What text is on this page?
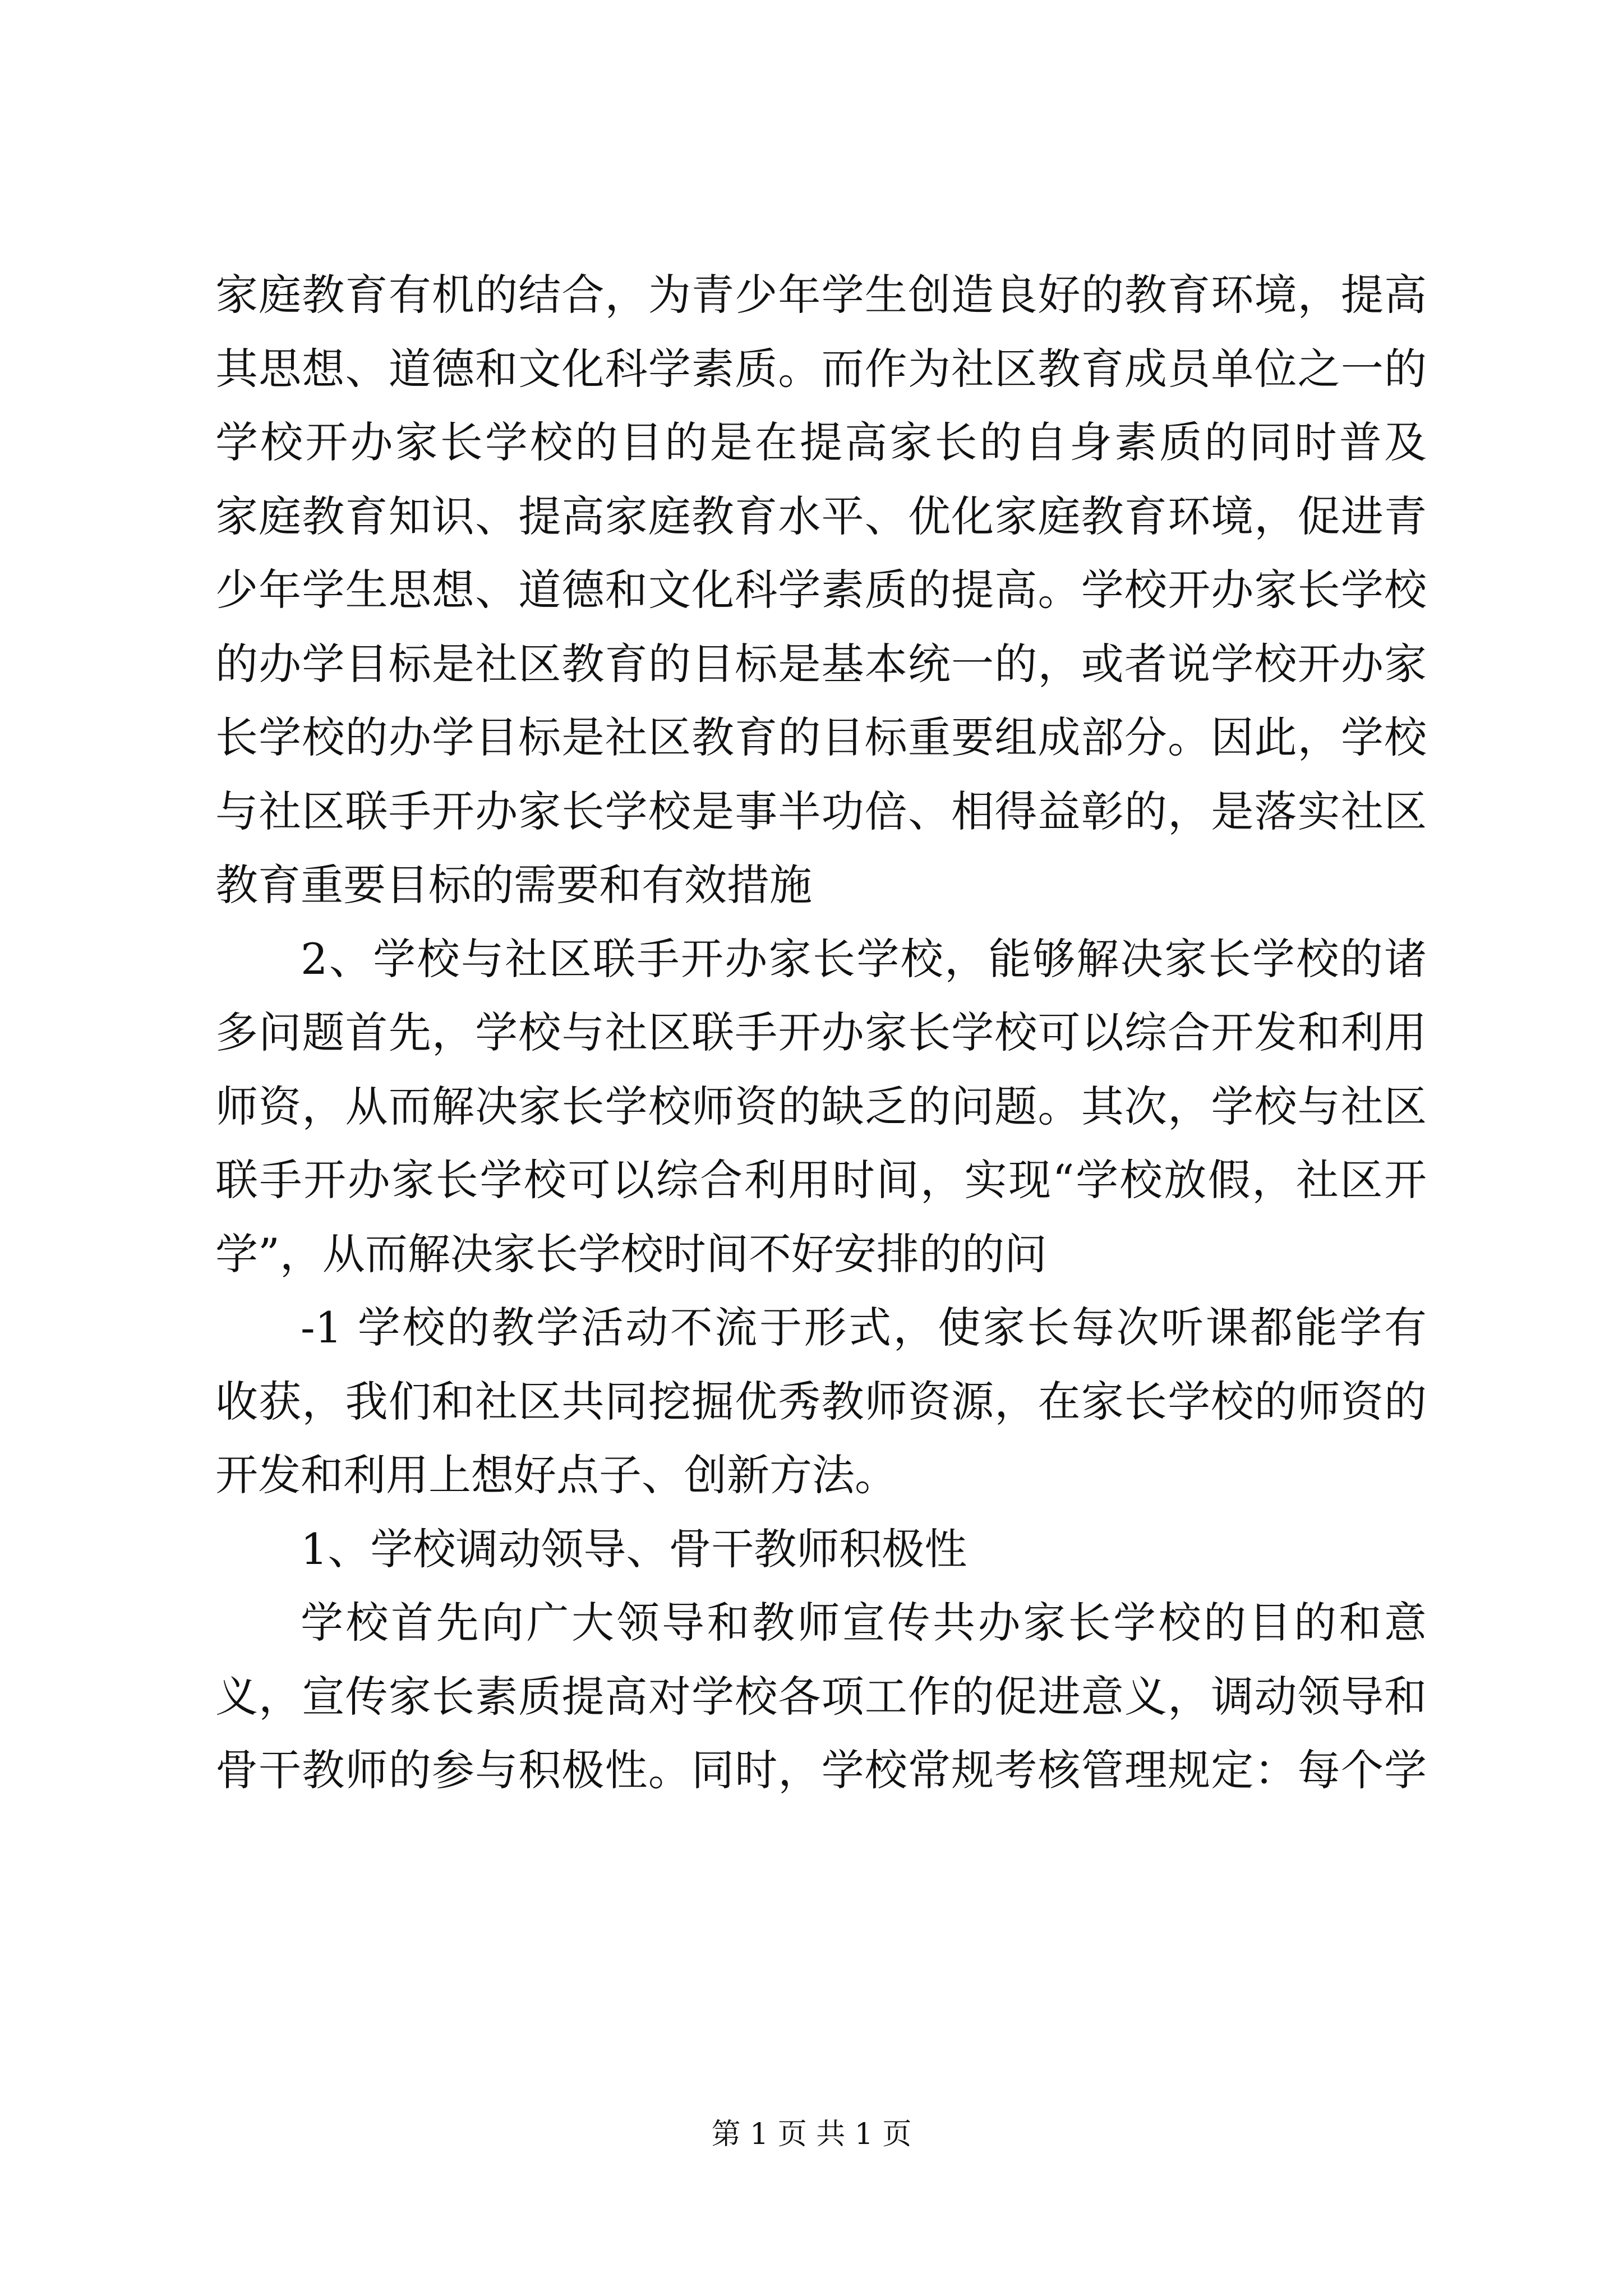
家庭教育有机的结合，为青少年学生创造良好的教育环境，提高
其思想、道德和文化科学素质。而作为社区教育成员单位之一的
学校开办家长学校的目的是在提高家长的自身素质的同时普及
家庭教育知识、提高家庭教育水平、优化家庭教育环境，促进青
少年学生思想、道德和文化科学素质的提高。学校开办家长学校
的办学目标是社区教育的目标是基本统一的，或者说学校开办家
长学校的办学目标是社区教育的目标重要组成部分。因此，学校
与社区联手开办家长学校是事半功倍、相得益彰的，是落实社区
教育重要目标的需要和有效措施
2、学校与社区联手开办家长学校，能够解决家长学校的诸
多问题首先，学校与社区联手开办家长学校可以综合开发和利用
师资，从而解决家长学校师资的缺乏的问题。其次，学校与社区
联手开办家长学校可以综合利用时间，实现“学校放假，社区开
学”，从而解决家长学校时间不好安排的的问
-1 学校的教学活动不流于形式，使家长每次听课都能学有
收获，我们和社区共同挖掘优秀教师资源，在家长学校的师资的
开发和利用上想好点子、创新方法。
1、学校调动领导、骨干教师积极性
学校首先向广大领导和教师宣传共办家长学校的目的和意
义，宣传家长素质提高对学校各项工作的促进意义，调动领导和
骨干教师的参与积极性。同时，学校常规考核管理规定：每个学
第 1 页 共 1 页
